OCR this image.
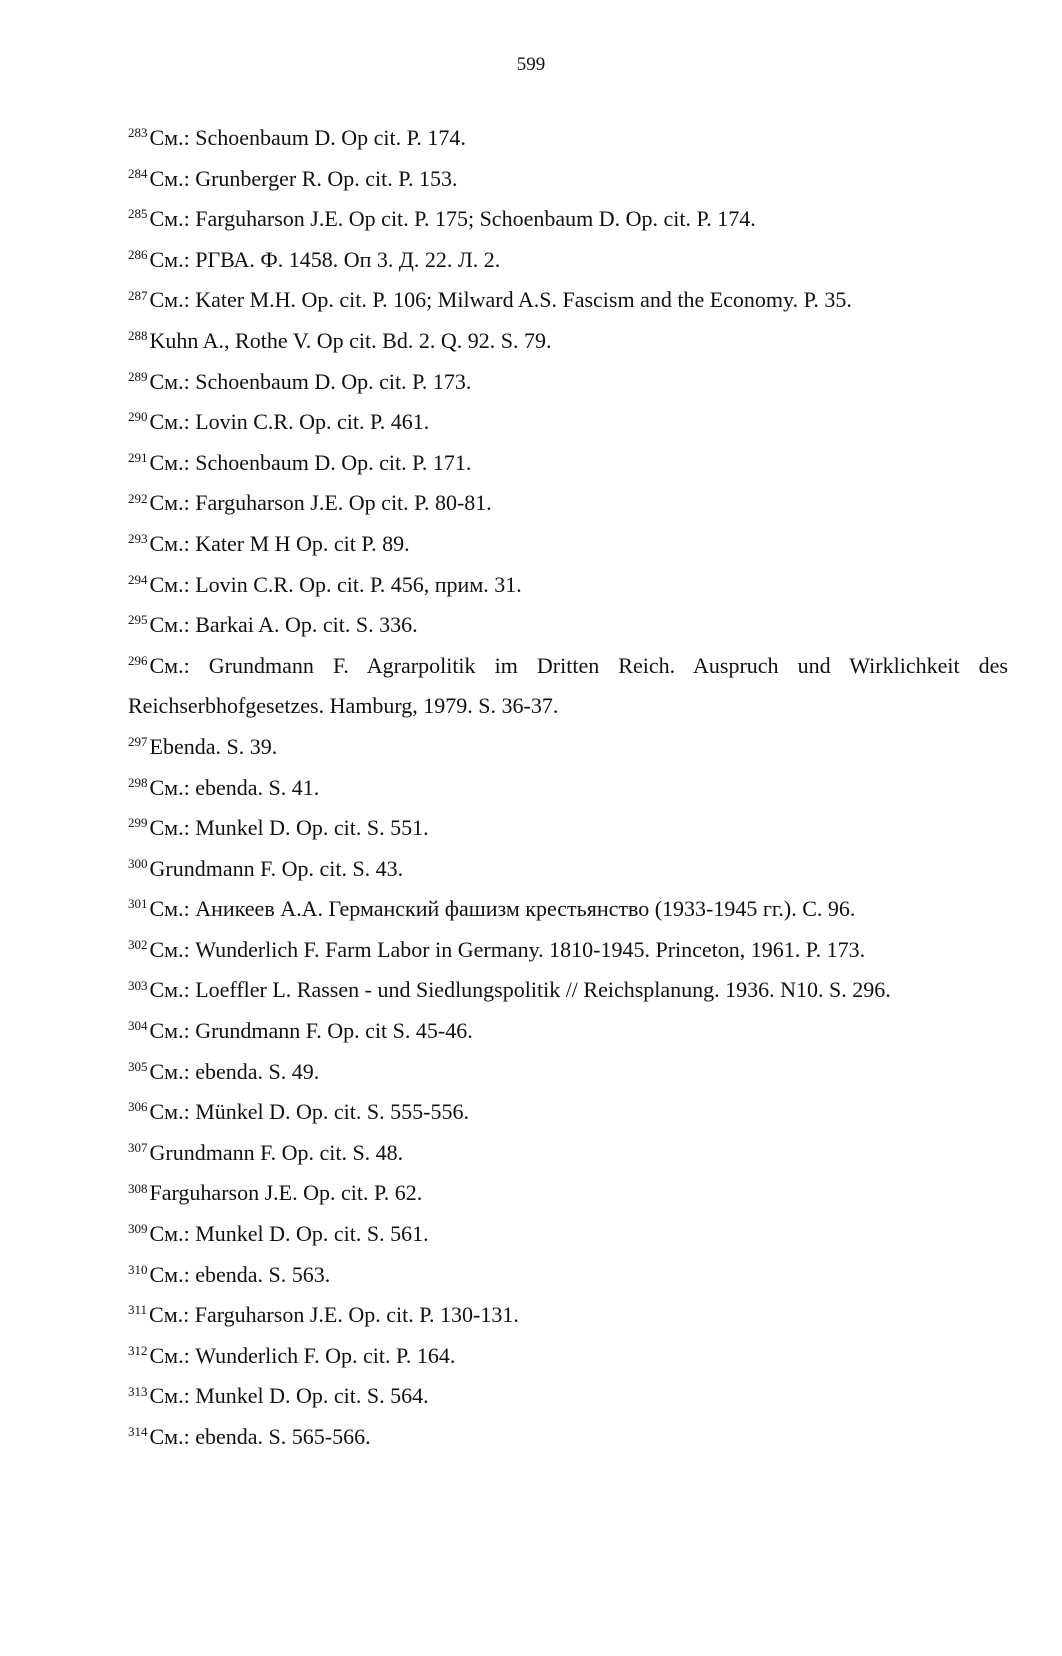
599
$^{283}$См.: Schoenbaum D. Op cit. P. 174.
$^{284}$См.: Grunberger R. Op. cit. P. 153.
$^{285}$См.: Farguharson J.E. Op cit. P. 175; Schoenbaum D. Op. cit. P. 174.
$^{286}$См.: РГВА. Ф. 1458. Оп 3. Д. 22. Л. 2.
$^{287}$См.: Kater M.H. Op. cit. P. 106; Milward A.S. Fascism and the Economy. P. 35.
$^{288}$Kuhn A., Rothe V. Op cit. Bd. 2. Q. 92. S. 79.
$^{289}$См.: Schoenbaum D. Op. cit. P. 173.
$^{290}$См.: Lovin C.R. Op. cit. P. 461.
$^{291}$См.: Schoenbaum D. Op. cit. P. 171.
$^{292}$См.: Farguharson J.E. Op cit. P. 80-81.
$^{293}$См.: Kater M H Op. cit P. 89.
$^{294}$См.: Lovin C.R. Op. cit. P. 456, прим. 31.
$^{295}$См.: Barkai A. Op. cit. S. 336.
$^{296}$См.: Grundmann F. Agrarpolitik im Dritten Reich. Auspruch und Wirklichkeit des Reichserbhofgesetzes. Hamburg, 1979. S. 36-37.
$^{297}$Ebenda. S. 39.
$^{298}$См.: ebenda. S. 41.
$^{299}$См.: Munkel D. Op. cit. S. 551.
$^{300}$Grundmann F. Op. cit. S. 43.
$^{301}$См.: Аникеев А.А. Германский фашизм крестьянство (1933-1945 гг.). С. 96.
$^{302}$См.: Wunderlich F. Farm Labor in Germany. 1810-1945. Princeton, 1961. P. 173.
$^{303}$См.: Loeffler L. Rassen - und Siedlungspolitik // Reichsplanung. 1936. N10. S. 296.
$^{304}$См.: Grundmann F. Op. cit S. 45-46.
$^{305}$См.: ebenda. S. 49.
$^{306}$См.: Münkel D. Op. cit. S. 555-556.
$^{307}$Grundmann F. Op. cit. S. 48.
$^{308}$Farguharson J.E. Op. cit. P. 62.
$^{309}$См.: Munkel D. Op. cit. S. 561.
$^{310}$См.: ebenda. S. 563.
$^{311}$См.: Farguharson J.E. Op. cit. P. 130-131.
$^{312}$См.: Wunderlich F. Op. cit. P. 164.
$^{313}$См.: Munkel D. Op. cit. S. 564.
$^{314}$См.: ebenda. S. 565-566.
